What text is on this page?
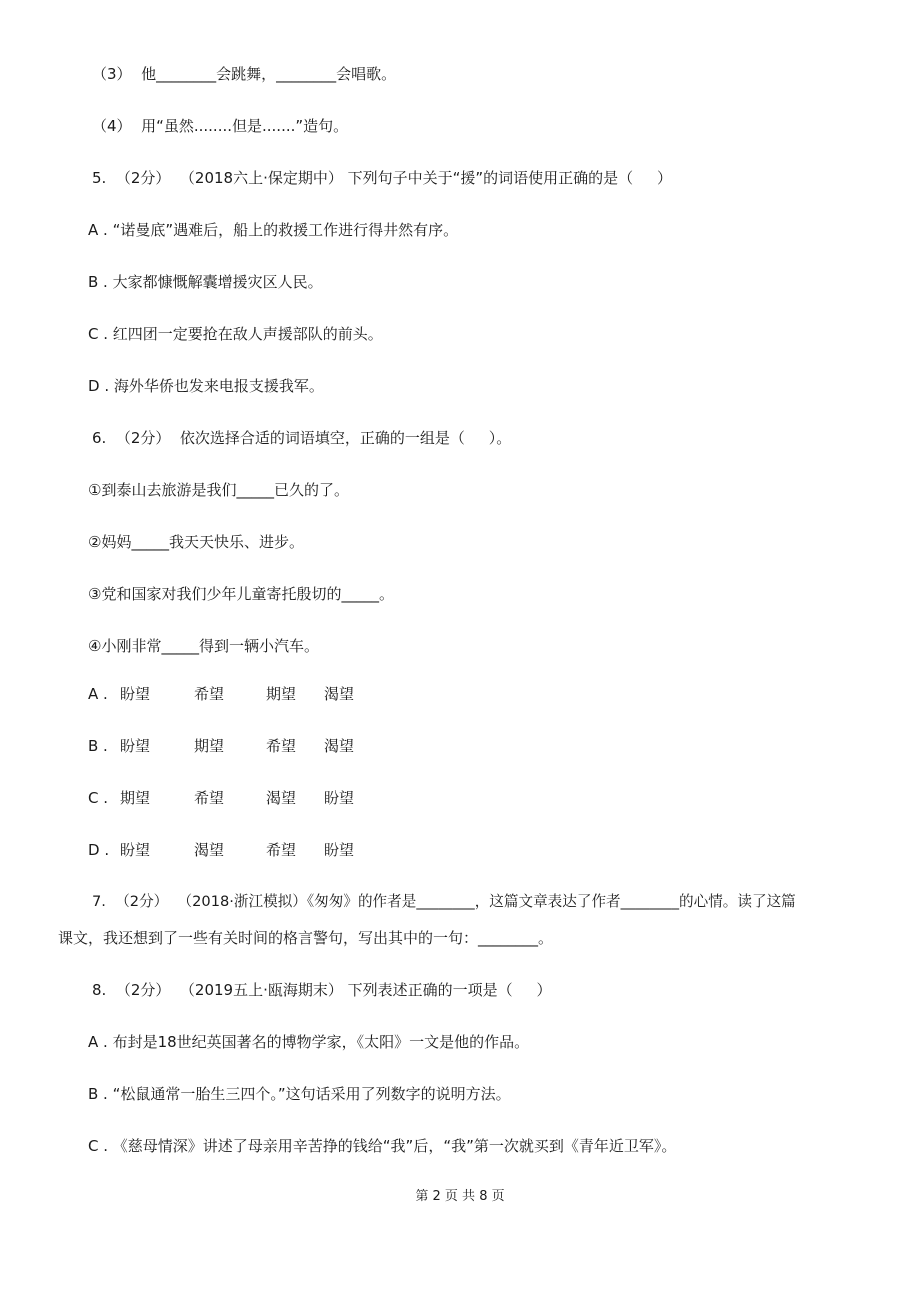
（3）  他________会跳舞，________会唱歌。
（4）  用“虽然........但是.......”造句。
5.  （2分）  （2018六上·保定期中） 下列句子中关于“援”的词语使用正确的是（     ）
A . “诺曼底”遇难后，船上的救援工作进行得井然有序。
B . 大家都慷慨解囊增援灾区人民。
C . 红四团一定要抢在敌人声援部队的前头。
D . 海外华侨也发来电报支援我军。
6.  （2分）  依次选择合适的词语填空，正确的一组是（     ）。
①到泰山去旅游是我们_____已久的了。
②妈妈_____我天天快乐、进步。
③党和国家对我们少年儿童寄托殷切的_____。
④小刚非常_____得到一辆小汽车。
A . 盼望	希望	期望 渴望
B . 盼望	期望	希望 渴望
C . 期望	希望	渴望 盼望
D . 盼望	渴望	希望 盼望
7.  （2分）  （2018·浙江模拟）《匆匆》的作者是________，这篇文章表达了作者________的心情。读了这篇
课文，我还想到了一些有关时间的格言警句，写出其中的一句：________。
8.  （2分）  （2019五上·瓯海期末） 下列表述正确的一项是（     ）
A . 布封是18世纪英国著名的博物学家，《太阳》一文是他的作品。
B . “松鼠通常一胎生三四个。”这句话采用了列数字的说明方法。
C . 《慈母情深》讲述了母亲用辛苦挣的钱给“我”后，“我”第一次就买到《青年近卫军》。
第 2 页 共 8 页
